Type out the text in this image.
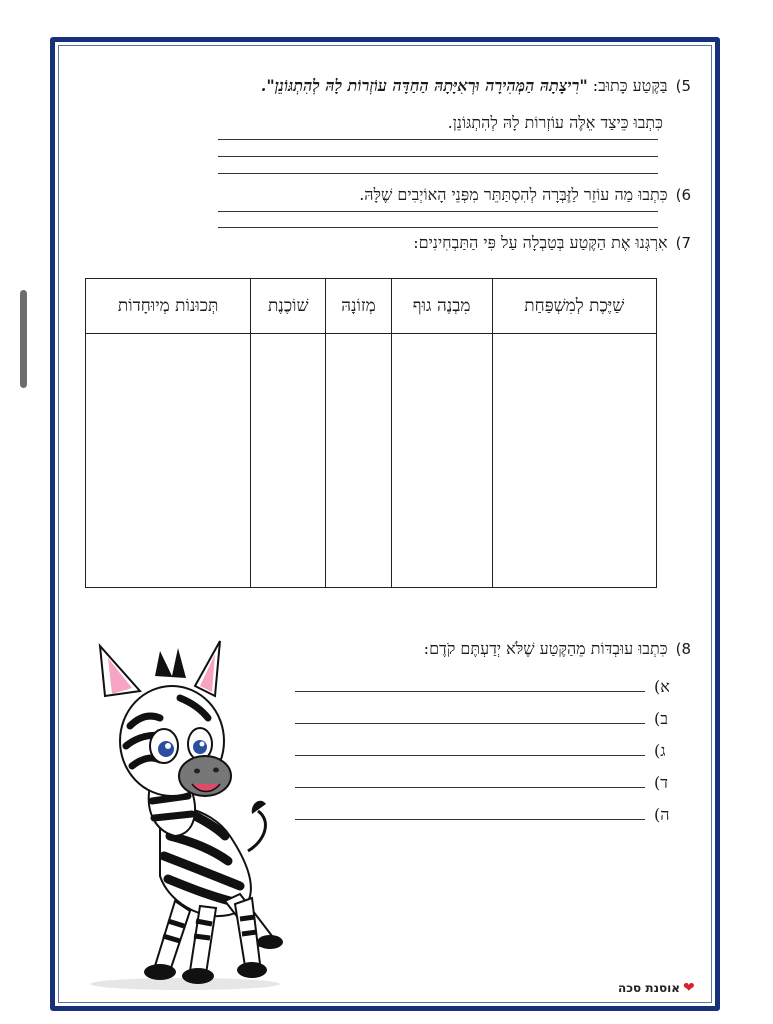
5)בַּקֶּטַע כָּתוּב: "רִיצָתָהּ הַמְּהִירָה וּרְאִיָּתָהּ הַחַדָּה עוֹזְרוֹת לָהּ לְהִתְגּוֹנֵן".
כִּתְבוּ כֵּיצַד אֵלֶּה עוֹזְרוֹת לָהּ לְהִתְגּוֹנֵן.
6)כִּתְבוּ מַה עוֹזֵר לַזֶּבְּרָה לְהִסְתַּתֵּר מִפְּנֵי הָאוֹיְבִים שֶׁלָּהּ.
7)אִרְגְּנוּ אֶת הַקֶּטַע בְּטַבְלָה עַל פִּי הַתַּבְחִינִים:
שַׁיֶּכֶת לְמִשְׁפַּחַת	מִבְנֶה גוּף	מְזוֹנָהּ	שׁוֹכֶנֶת	תְּכוּנוֹת מְיוּחָדוֹת

8)כִּתְבוּ עוּבְדּוֹת מֵהַקֶּטַע שֶׁלֹּא יְדַעְתֶּם קֹדֶם:
א)
ב)
ג)
ד)
ה)
❤אוסנת סכה
